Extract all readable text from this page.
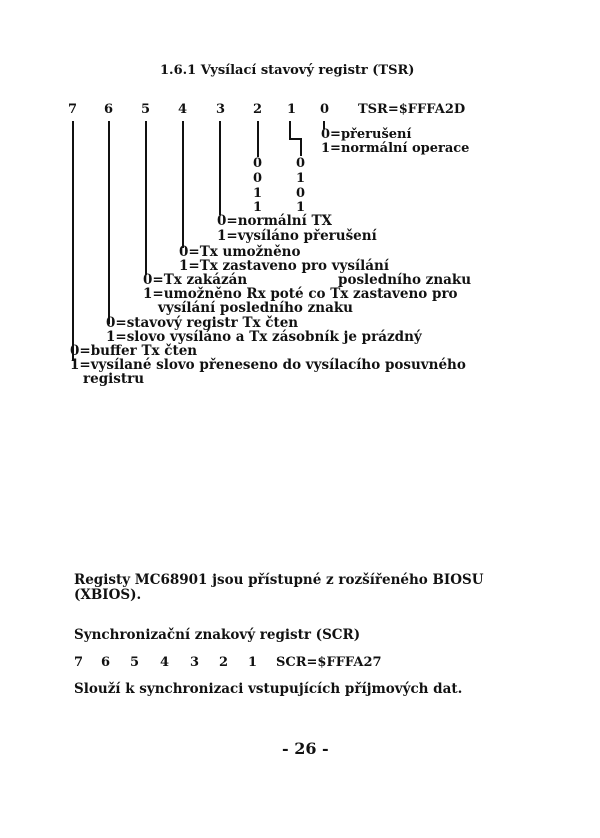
1.6.1 Vysílací stavový registr (TSR)
7 6 5 4 3 2 1 0 TSR=$FFFA2D
0=přerušení
1=normální operace
0	0
0	1
1	0
1	1
0=normální TX
1=vysíláno přerušení
0=Tx umožněno
1=Tx zastaveno pro vysílání
0=Tx zakázán	posledního znaku
1=umožněno Rx poté co Tx zastaveno pro
vysílání posledního znaku
0=stavový registr Tx čten
1=slovo vysíláno a Tx zásobník je prázdný
0=buffer Tx čten
1=vysílané slovo přeneseno do vysílacího posuvného
registru
Registy MC68901 jsou přístupné z rozšířeného BIOSU
(XBIOS).
Synchronizační znakový registr (SCR)
7 6 5 4 3 2 1 SCR=$FFFA27
Slouží k synchronizaci vstupujících příjmových dat.
- 26 -
